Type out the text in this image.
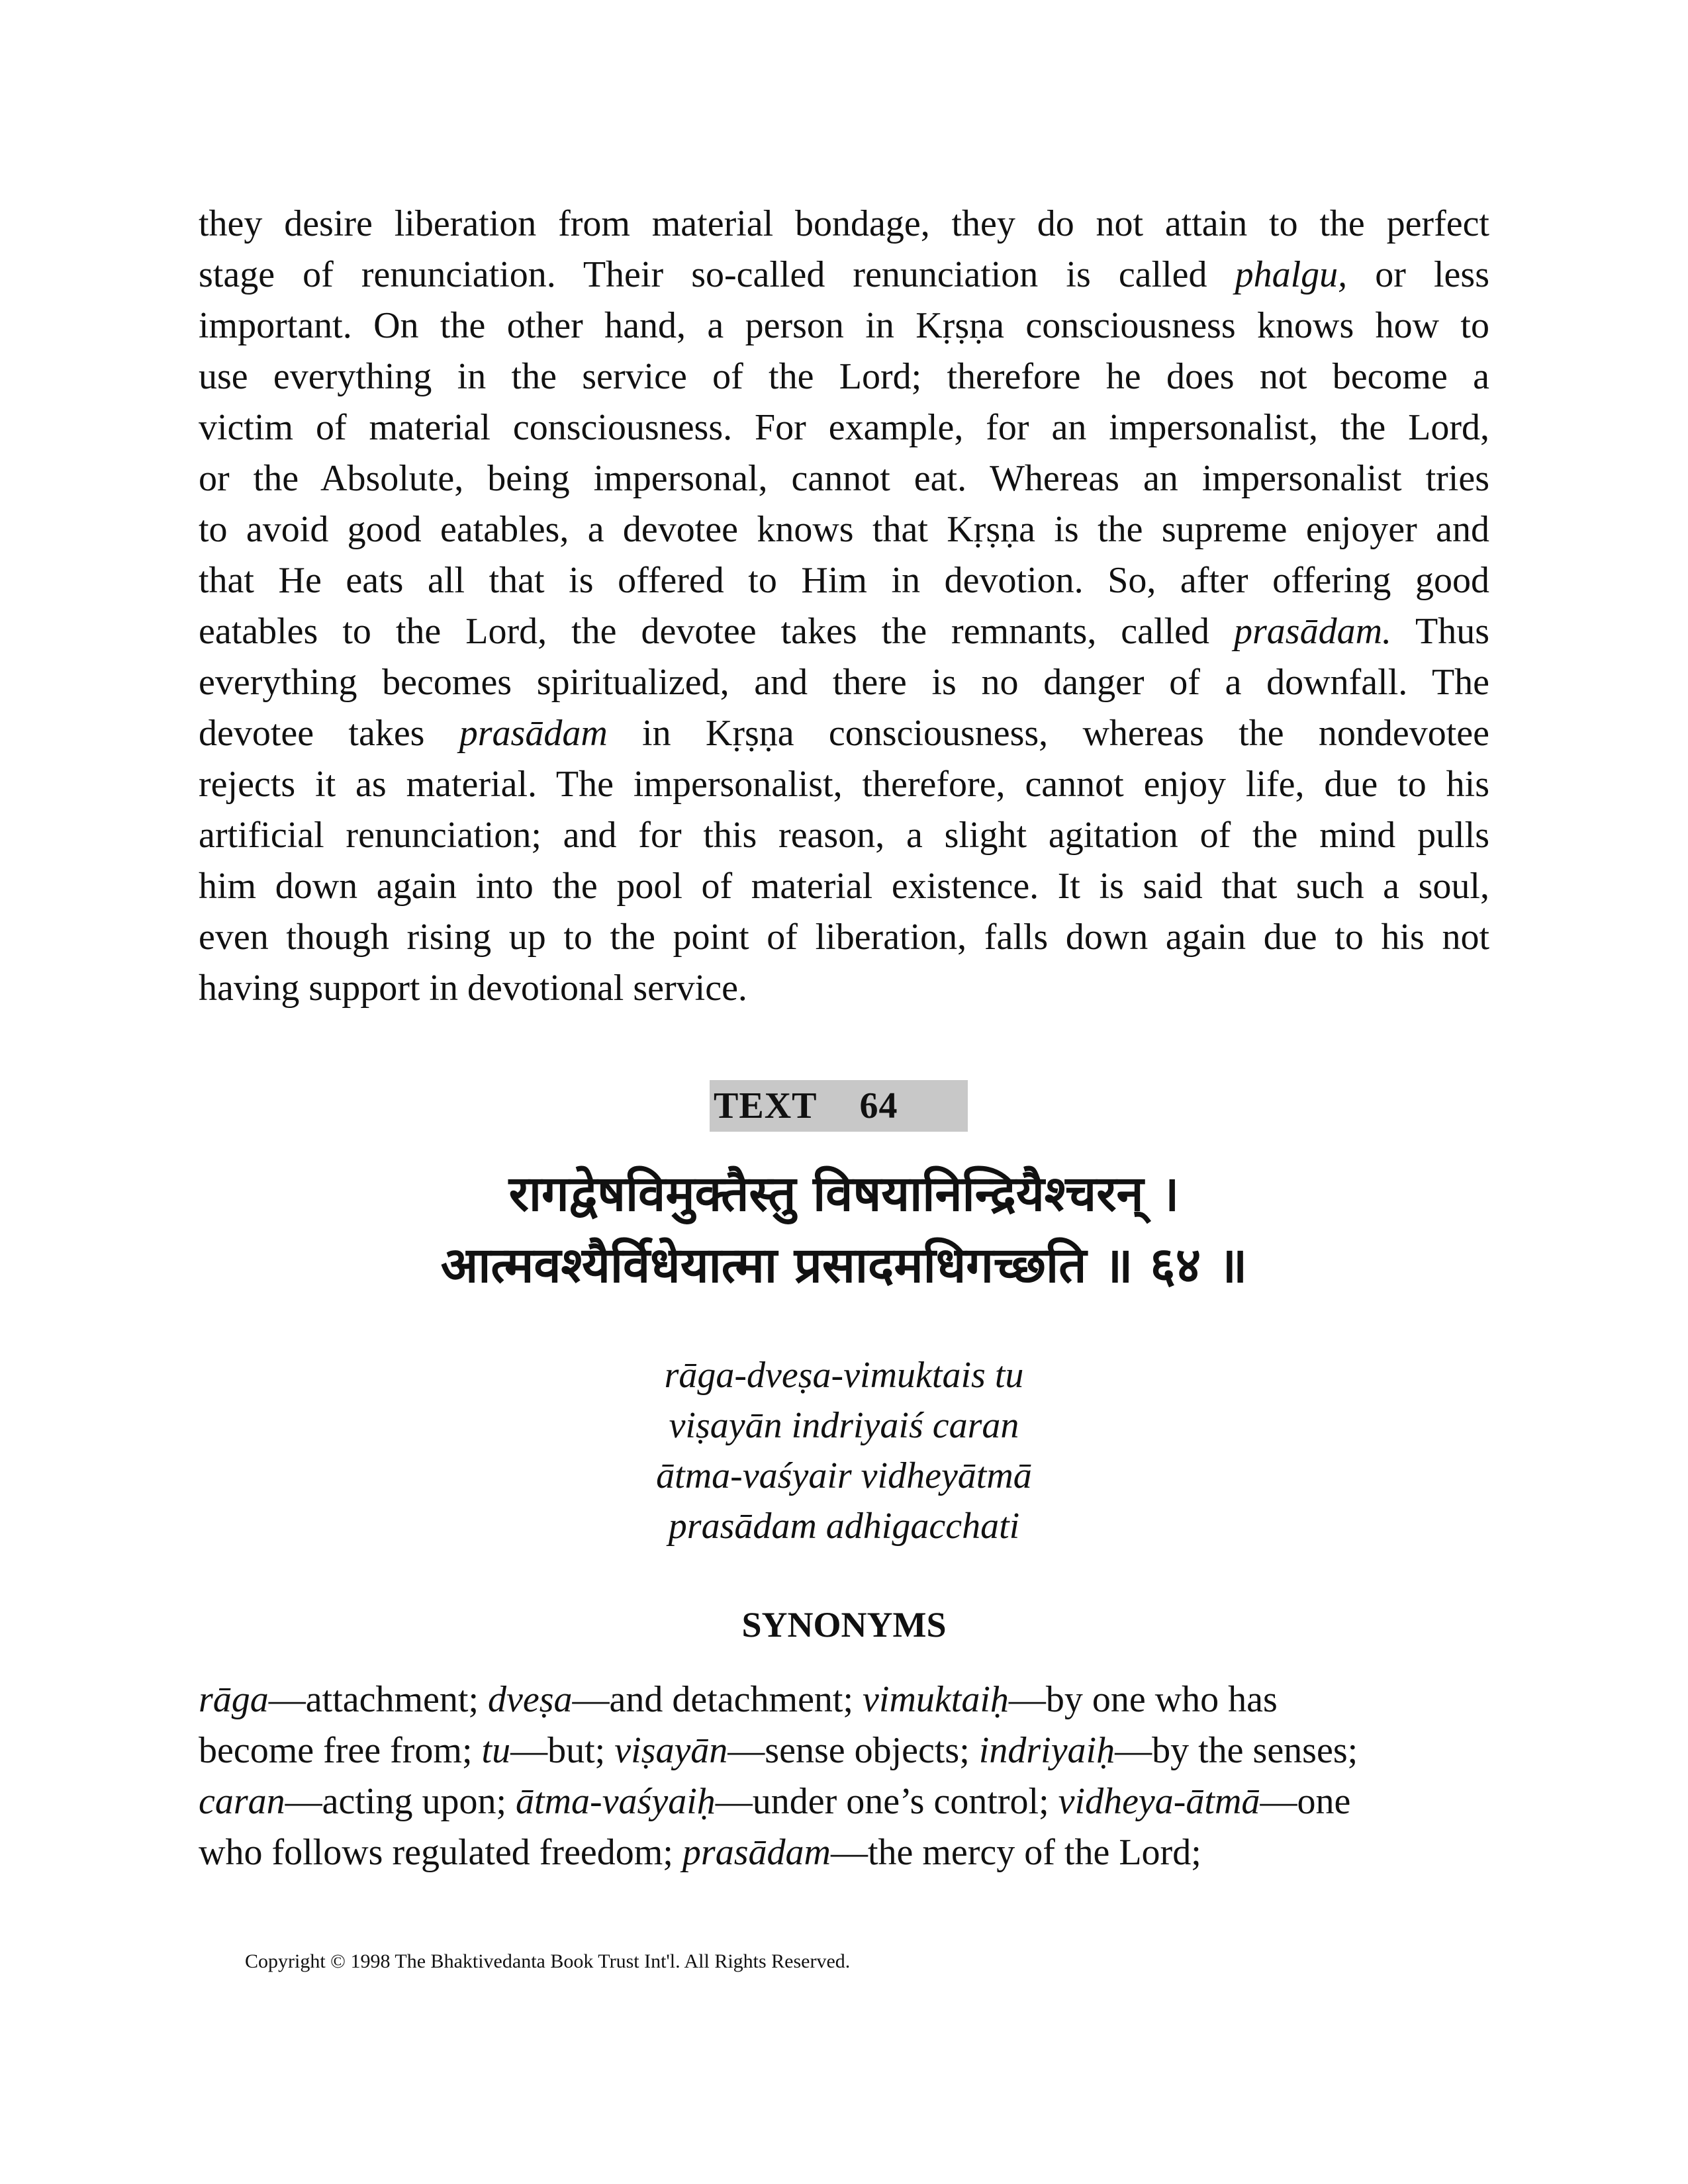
they desire liberation from material bondage, they do not attain to the perfect
stage of renunciation. Their so-called renunciation is called phalgu, or less
important. On the other hand, a person in Kṛṣṇa consciousness knows how to
use everything in the service of the Lord; therefore he does not become a
victim of material consciousness. For example, for an impersonalist, the Lord,
or the Absolute, being impersonal, cannot eat. Whereas an impersonalist tries
to avoid good eatables, a devotee knows that Kṛṣṇa is the supreme enjoyer and
that He eats all that is offered to Him in devotion. So, after offering good
eatables to the Lord, the devotee takes the remnants, called prasādam. Thus
everything becomes spiritualized, and there is no danger of a downfall. The
devotee takes prasādam in Kṛṣṇa consciousness, whereas the nondevotee
rejects it as material. The impersonalist, therefore, cannot enjoy life, due to his
artificial renunciation; and for this reason, a slight agitation of the mind pulls
him down again into the pool of material existence. It is said that such a soul,
even though rising up to the point of liberation, falls down again due to his not
having support in devotional service.
TEXT 64
रागद्वेषविमुक्तैस्तु विषयानिन्द्रियैश्चरन् ।
आत्मवश्यैर्विधेयात्मा प्रसादमधिगच्छति ॥ ६४ ॥
rāga-dveṣa-vimuktais tu
viṣayān indriyaiś caran
ātma-vaśyair vidheyātmā
prasādam adhigacchati
SYNONYMS
rāga—attachment; dveṣa—and detachment; vimuktaiḥ—by one who has
become free from; tu—but; viṣayān—sense objects; indriyaiḥ—by the senses;
caran—acting upon; ātma-vaśyaiḥ—under one’s control; vidheya-ātmā—one
who follows regulated freedom; prasādam—the mercy of the Lord;
Copyright © 1998 The Bhaktivedanta Book Trust Int'l. All Rights Reserved.
